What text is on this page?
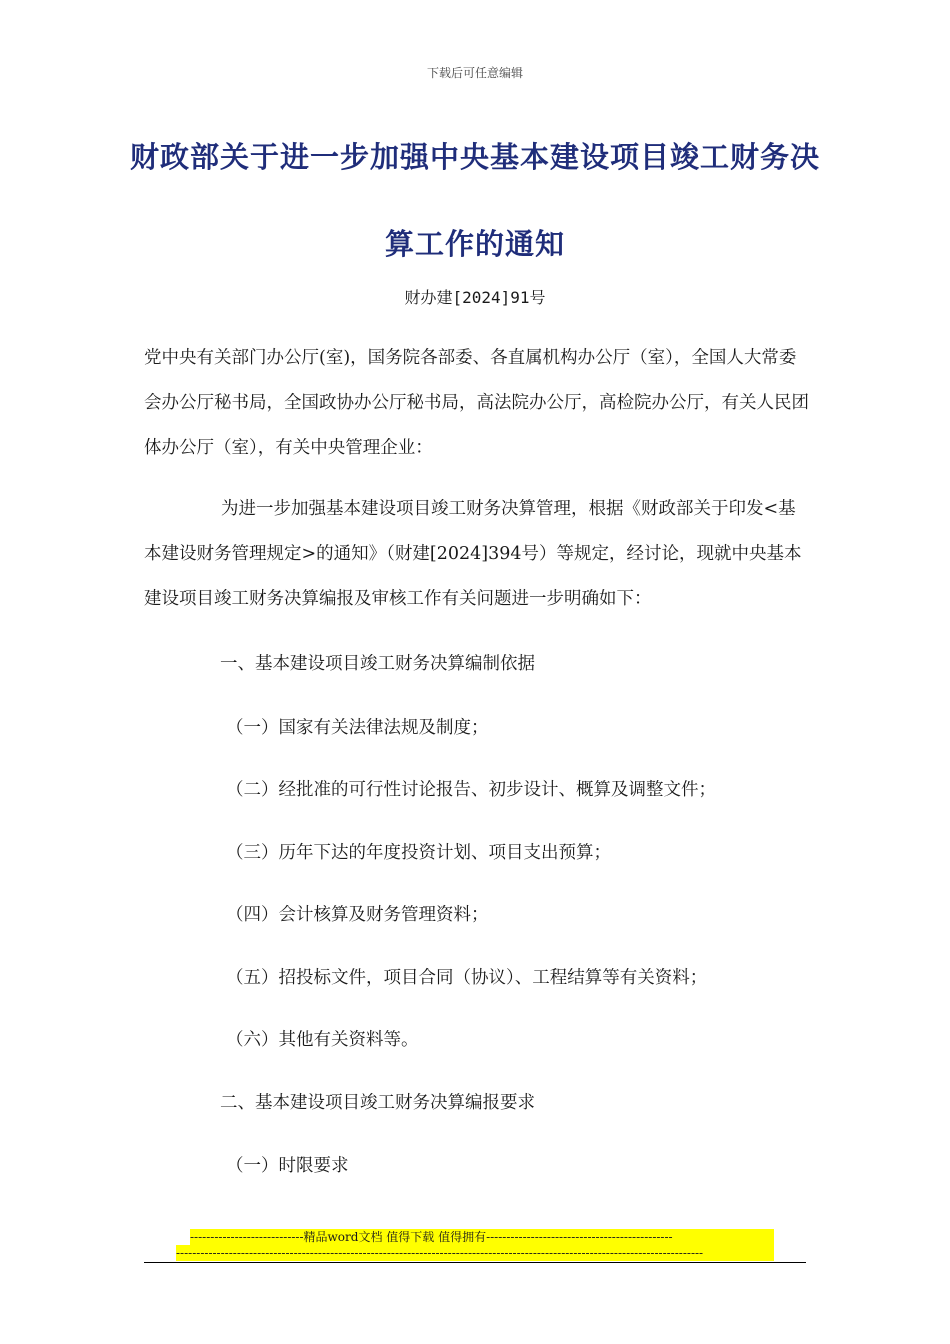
下载后可任意编辑
财政部关于进一步加强中央基本建设项目竣工财务决
算工作的通知
财办建[2024]91号

党中央有关部门办公厅(室)，国务院各部委、各直属机构办公厅（室），全国人大常委会办公厅秘书局，全国政协办公厅秘书局，高法院办公厅，高检院办公厅，有关人民团体办公厅（室），有关中央管理企业：

为进一步加强基本建设项目竣工财务决算管理，根据《财政部关于印发<基本建设财务管理规定>的通知》（财建[2024]394号）等规定，经讨论，现就中央基本建设项目竣工财务决算编报及审核工作有关问题进一步明确如下：

一、基本建设项目竣工财务决算编制依据

（一）国家有关法律法规及制度；

（二）经批准的可行性讨论报告、初步设计、概算及调整文件；

（三）历年下达的年度投资计划、项目支出预算；

（四）会计核算及财务管理资料；

（五）招投标文件，项目合同（协议）、工程结算等有关资料；

（六）其他有关资料等。

二、基本建设项目竣工财务决算编报要求

（一）时限要求

----------------------------精品word文档 值得下载 值得拥有----------------------------------------------
----------------------------------------------------------------------------------------------------------------------------------
